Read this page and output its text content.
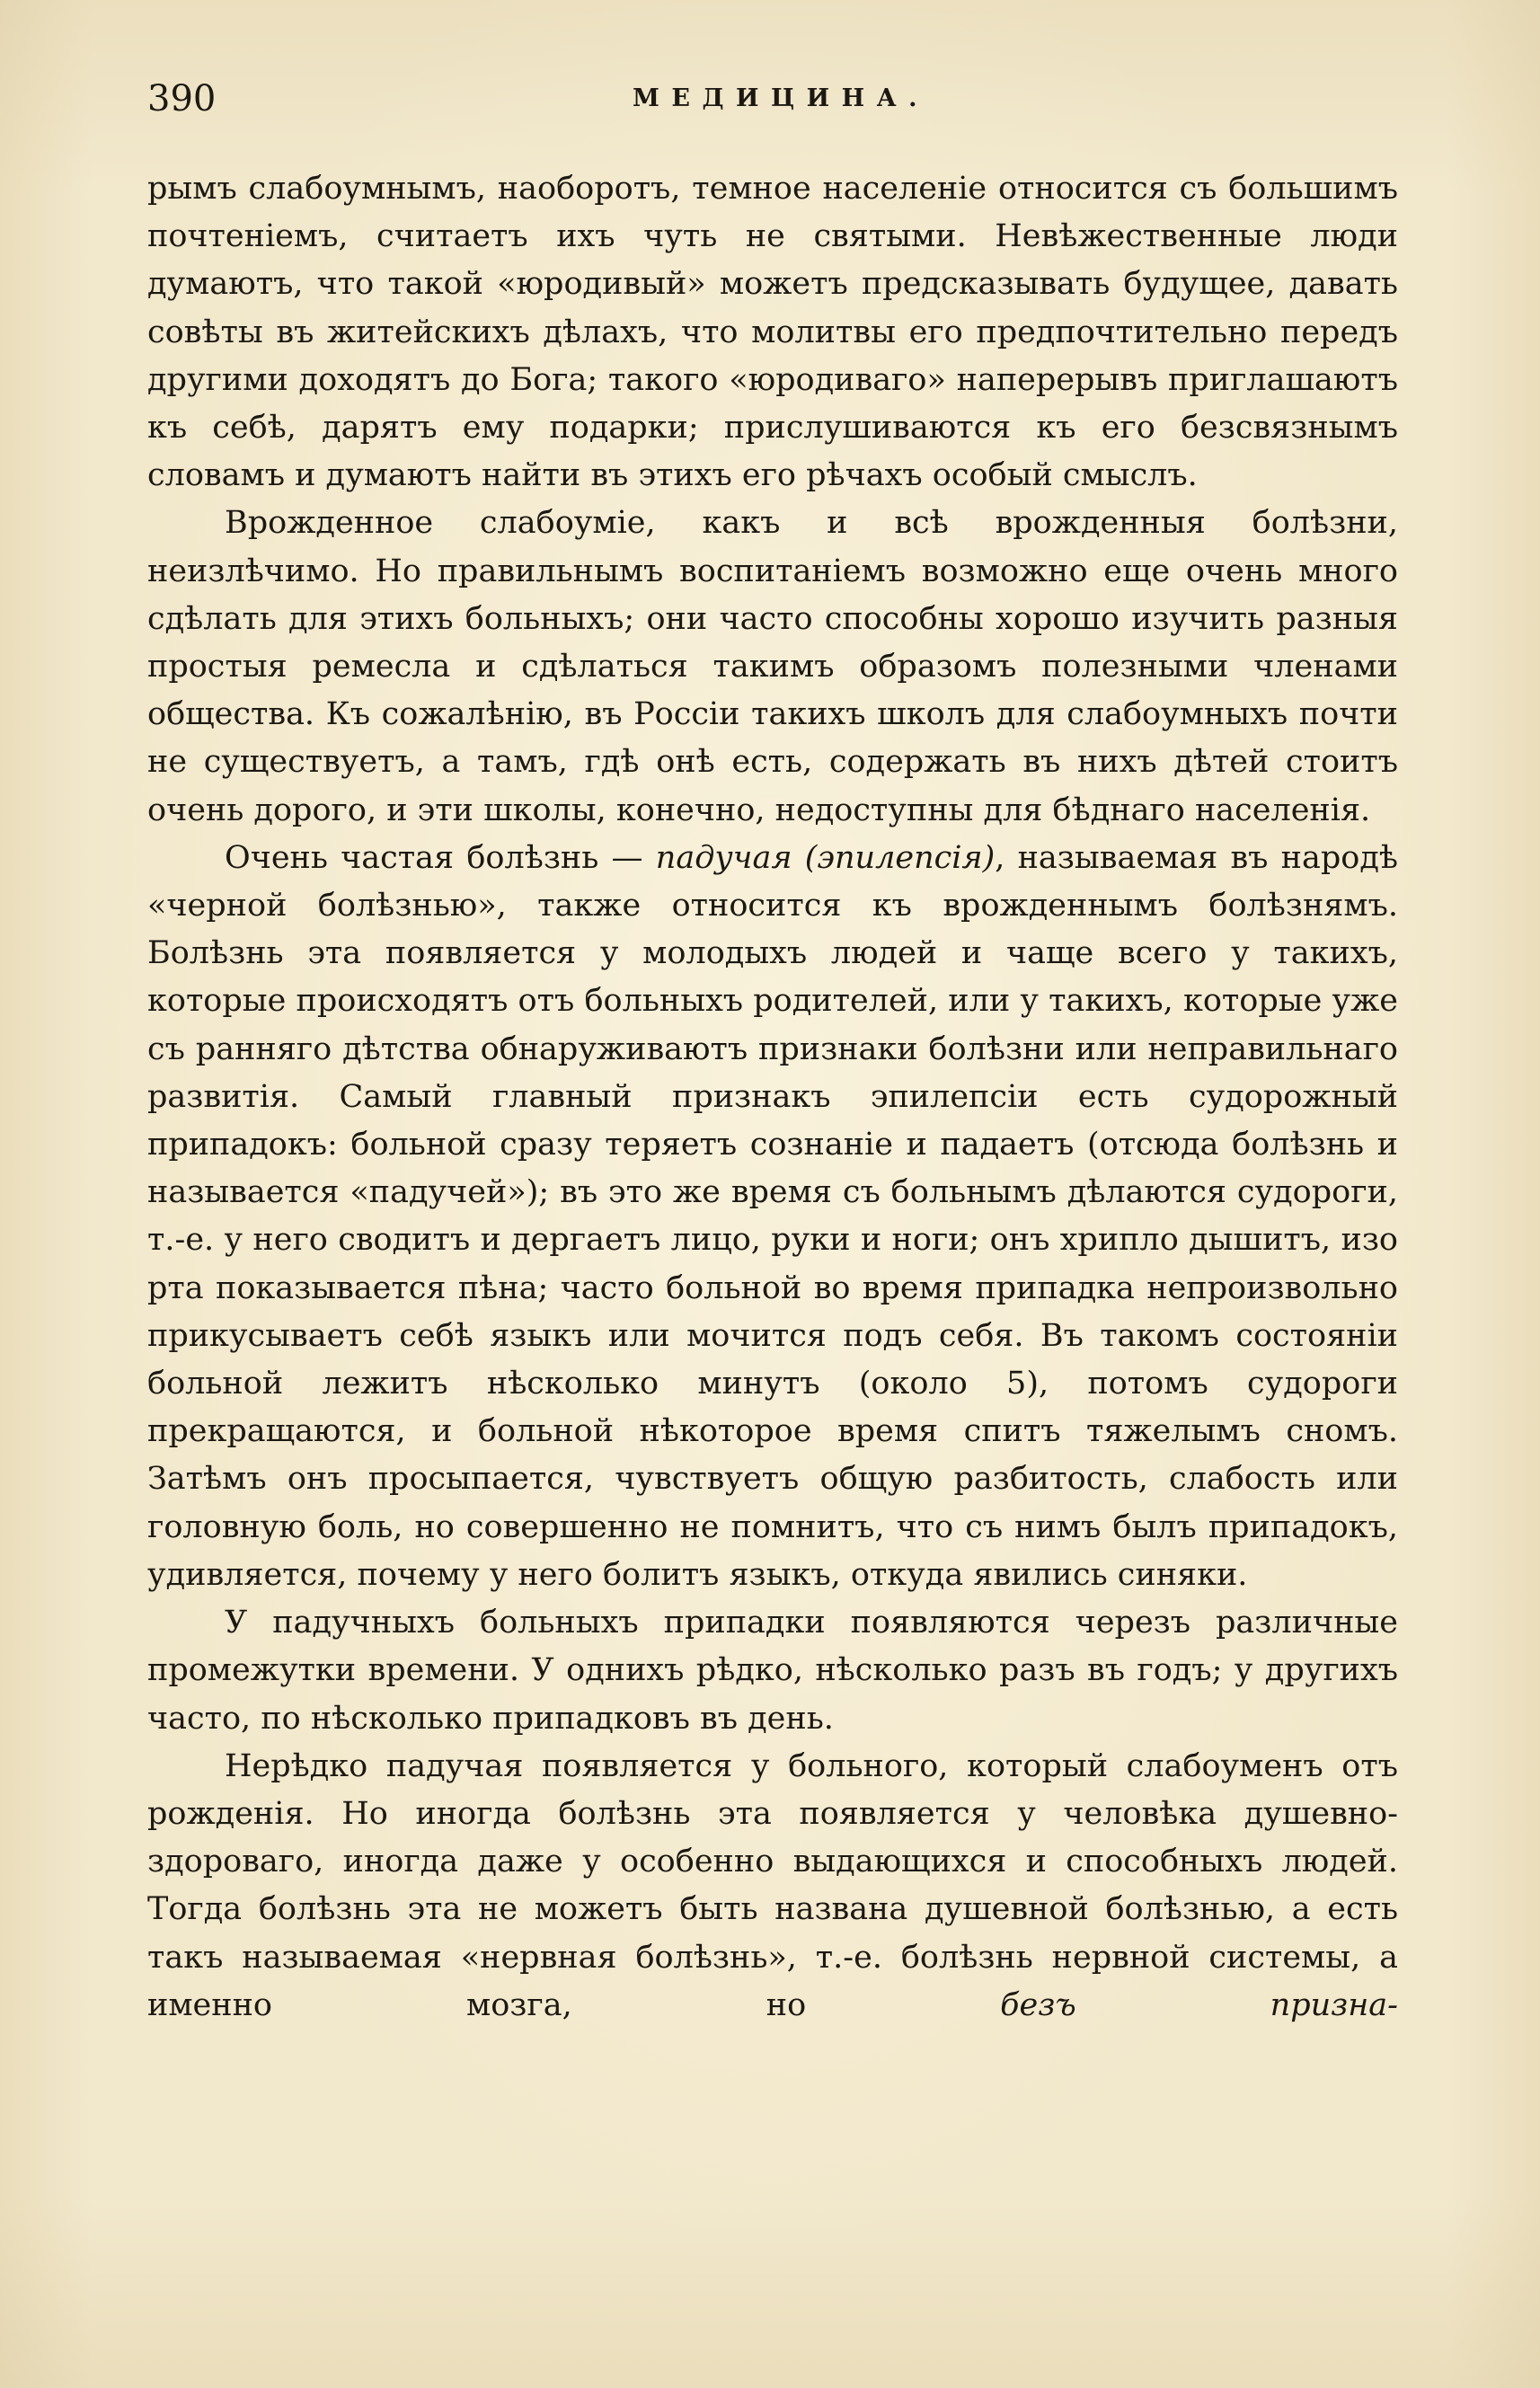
390	МЕДИЦИНА.

рымъ слабоумнымъ, наоборотъ, темное населеніе относится съ большимъ почтеніемъ, считаетъ ихъ чуть не святыми. Невѣжественные люди думаютъ, что такой «юродивый» можетъ предсказывать будущее, давать совѣты въ житейскихъ дѣлахъ, что молитвы его предпочтительно передъ другими доходятъ до Бога; такого «юродиваго» наперерывъ приглашаютъ къ себѣ, дарятъ ему подарки; прислушиваются къ его безсвязнымъ словамъ и думаютъ найти въ этихъ его рѣчахъ особый смыслъ.

Врожденное слабоуміе, какъ и всѣ врожденныя болѣзни, неизлѣчимо. Но правильнымъ воспитаніемъ возможно еще очень много сдѣлать для этихъ больныхъ; они часто способны хорошо изучить разныя простыя ремесла и сдѣлаться такимъ образомъ полезными членами общества. Къ сожалѣнію, въ Россіи такихъ школъ для слабоумныхъ почти не существуетъ, а тамъ, гдѣ онѣ есть, содержать въ нихъ дѣтей стоитъ очень дорого, и эти школы, конечно, недоступны для бѣднаго населенія.

Очень частая болѣзнь — падучая (эпилепсія), называемая въ народѣ «черной болѣзнью», также относится къ врожденнымъ болѣзнямъ. Болѣзнь эта появляется у молодыхъ людей и чаще всего у такихъ, которые происходятъ отъ больныхъ родителей, или у такихъ, которые уже съ ранняго дѣтства обнаруживаютъ признаки болѣзни или неправильнаго развитія. Самый главный признакъ эпилепсіи есть судорожный припадокъ: больной сразу теряетъ сознаніе и падаетъ (отсюда болѣзнь и называется «падучей»); въ это же время съ больнымъ дѣлаются судороги, т.-е. у него сводитъ и дергаетъ лицо, руки и ноги; онъ хрипло дышитъ, изо рта показывается пѣна; часто больной во время припадка непроизвольно прикусываетъ себѣ языкъ или мочится подъ себя. Въ такомъ состояніи больной лежитъ нѣсколько минутъ (около 5), потомъ судороги прекращаются, и больной нѣкоторое время спитъ тяжелымъ сномъ. Затѣмъ онъ просыпается, чувствуетъ общую разбитость, слабость или головную боль, но совершенно не помнитъ, что съ нимъ былъ припадокъ, удивляется, почему у него болитъ языкъ, откуда явились синяки.

У падучныхъ больныхъ припадки появляются черезъ различные промежутки времени. У однихъ рѣдко, нѣсколько разъ въ годъ; у другихъ часто, по нѣсколько припадковъ въ день.

Нерѣдко падучая появляется у больного, который слабоуменъ отъ рожденія. Но иногда болѣзнь эта появляется у человѣка душевно-здороваго, иногда даже у особенно выдающихся и способныхъ людей. Тогда болѣзнь эта не можетъ быть названа душевной болѣзнью, а есть такъ называемая «нервная болѣзнь», т.-е. болѣзнь нервной системы, а именно мозга, но безъ призна-
